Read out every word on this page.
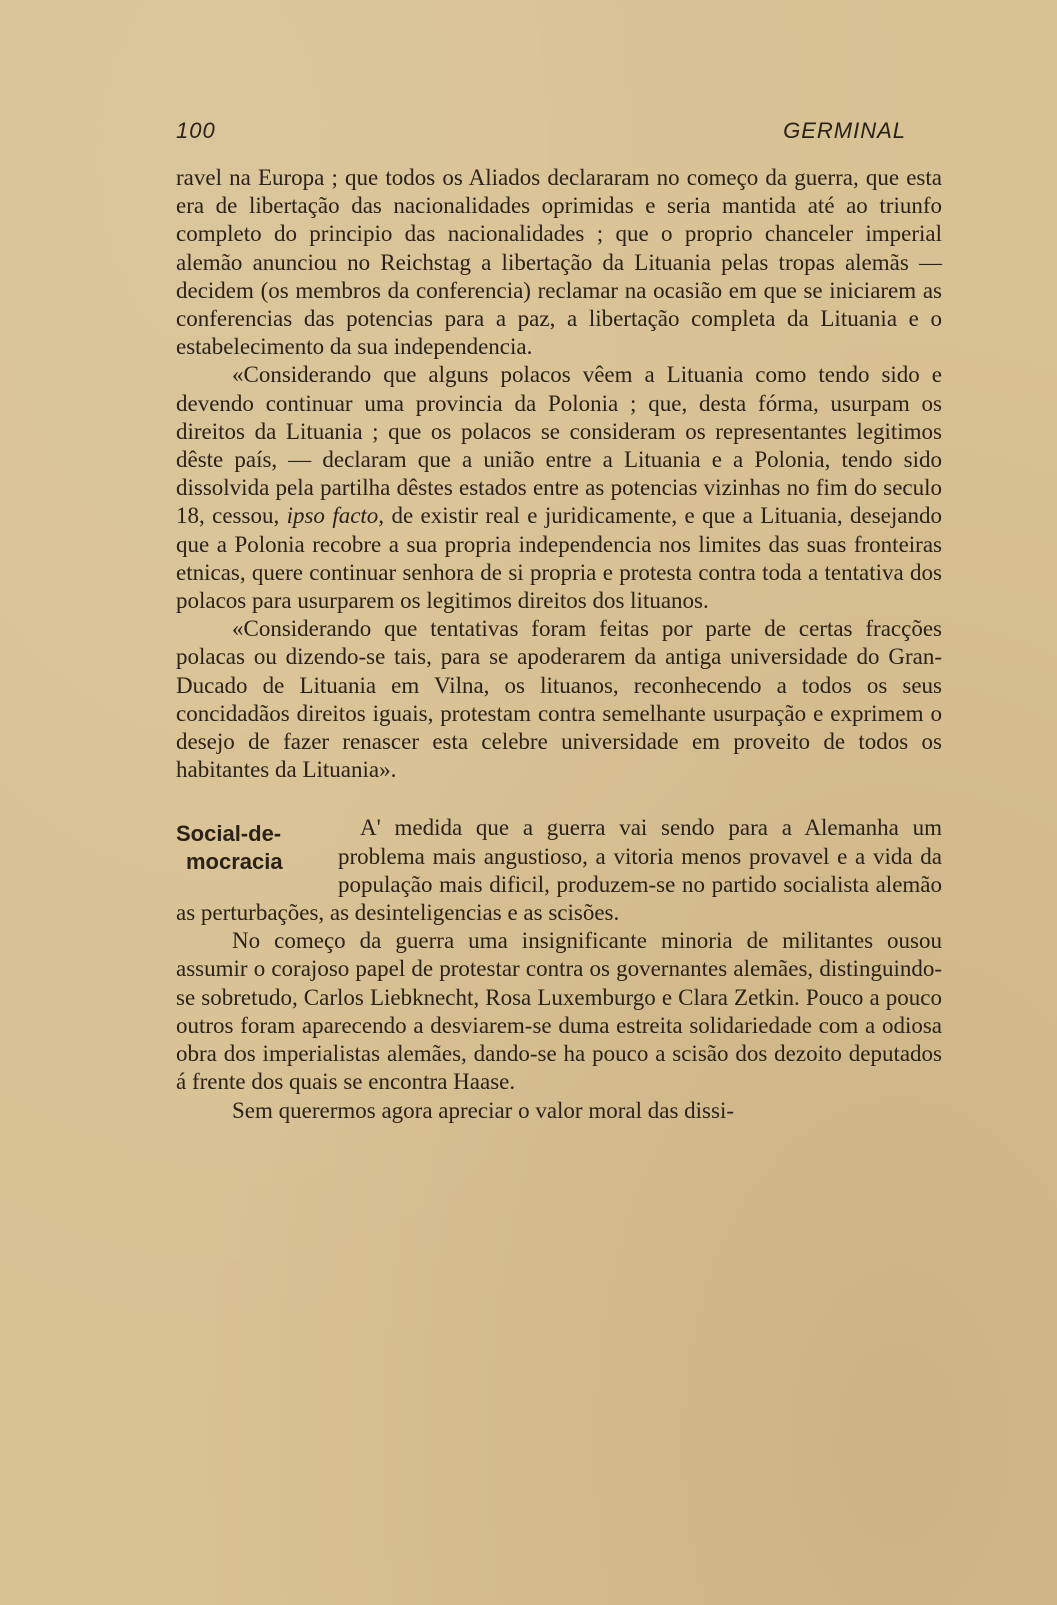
100	GERMINAL

ravel na Europa ; que todos os Aliados declararam no começo da guerra, que esta era de libertação das nacionalidades oprimidas e seria mantida até ao triunfo completo do principio das nacionalidades ; que o proprio chanceler imperial alemão anunciou no Reichstag a libertação da Lituania pelas tropas alemãs — decidem (os membros da conferencia) reclamar na ocasião em que se iniciarem as conferencias das potencias para a paz, a libertação completa da Lituania e o estabelecimento da sua independencia.

«Considerando que alguns polacos vêem a Lituania como tendo sido e devendo continuar uma provincia da Polonia ; que, desta fórma, usurpam os direitos da Lituania ; que os polacos se consideram os representantes legitimos dêste país, — declaram que a união entre a Lituania e a Polonia, tendo sido dissolvida pela partilha dêstes estados entre as potencias vizinhas no fim do seculo 18, cessou, ipso facto, de existir real e juridicamente, e que a Lituania, desejando que a Polonia recobre a sua propria independencia nos limites das suas fronteiras etnicas, quere continuar senhora de si propria e protesta contra toda a tentativa dos polacos para usurparem os legitimos direitos dos lituanos.

«Considerando que tentativas foram feitas por parte de certas fracções polacas ou dizendo-se tais, para se apoderarem da antiga universidade do Gran-Ducado de Lituania em Vilna, os lituanos, reconhecendo a todos os seus concidadãos direitos iguais, protestam contra semelhante usurpação e exprimem o desejo de fazer renascer esta celebre universidade em proveito de todos os habitantes da Lituania».

Social-de-
mocracia

A' medida que a guerra vai sendo para a Alemanha um problema mais angustioso, a vitoria menos provavel e a vida da população mais dificil, produzem-se no partido socialista alemão as perturbações, as desinteligencias e as scisões.

No começo da guerra uma insignificante minoria de militantes ousou assumir o corajoso papel de protestar contra os governantes alemães, distinguindo-se sobretudo, Carlos Liebknecht, Rosa Luxemburgo e Clara Zetkin. Pouco a pouco outros foram aparecendo a desviarem-se duma estreita solidariedade com a odiosa obra dos imperialistas alemães, dando-se ha pouco a scisão dos dezoito deputados á frente dos quais se encontra Haase.

Sem querermos agora apreciar o valor moral das dissi-
